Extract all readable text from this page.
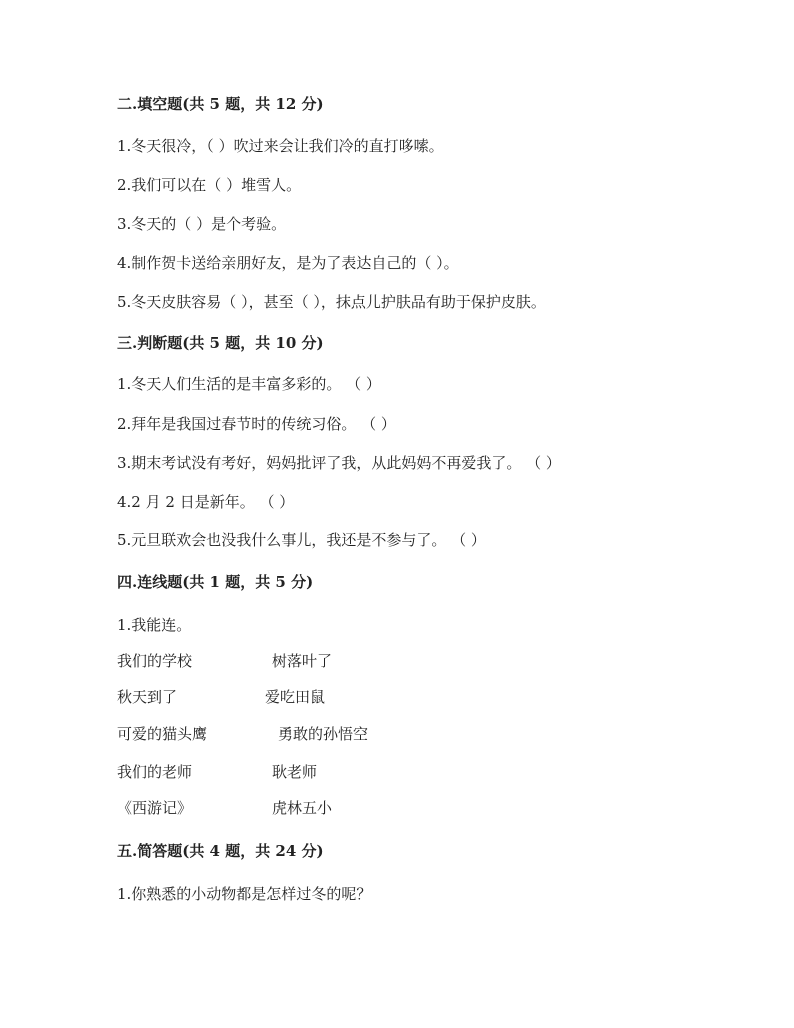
二.填空题(共 5 题，共 12 分)
1.冬天很冷，（ ）吹过来会让我们冷的直打哆嗦。
2.我们可以在（ ）堆雪人。
3.冬天的（ ）是个考验。
4.制作贺卡送给亲朋好友，是为了表达自己的（ ）。
5.冬天皮肤容易（ ），甚至（ ），抹点儿护肤品有助于保护皮肤。
三.判断题(共 5 题，共 10 分)
1.冬天人们生活的是丰富多彩的。 （ ）
2.拜年是我国过春节时的传统习俗。 （ ）
3.期末考试没有考好，妈妈批评了我，从此妈妈不再爱我了。 （ ）
4.2 月 2 日是新年。 （ ）
5.元旦联欢会也没我什么事儿，我还是不参与了。 （ ）
四.连线题(共 1 题，共 5 分)
1.我能连。
我们的学校	树落叶了
秋天到了	爱吃田鼠
可爱的猫头鹰	勇敢的孙悟空
我们的老师	耿老师
《西游记》	虎林五小
五.简答题(共 4 题，共 24 分)
1.你熟悉的小动物都是怎样过冬的呢？
